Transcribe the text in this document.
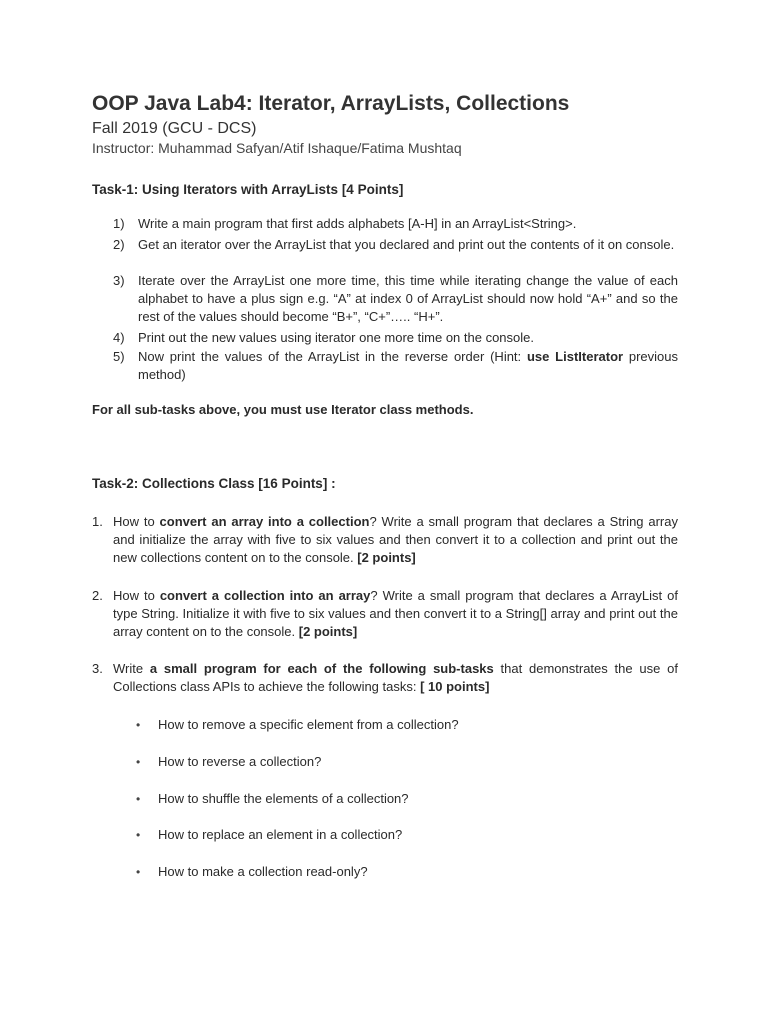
OOP Java Lab4: Iterator, ArrayLists, Collections
Fall 2019 (GCU - DCS)
Instructor: Muhammad Safyan/Atif Ishaque/Fatima Mushtaq
Task-1: Using Iterators with ArrayLists [4 Points]
1) Write a main program that first adds alphabets [A-H] in an ArrayList<String>.
2) Get an iterator over the ArrayList that you declared and print out the contents of it on console.
3) Iterate over the ArrayList one more time, this time while iterating change the value of each alphabet to have a plus sign e.g. “A” at index 0 of ArrayList should now hold “A+” and so the rest of the values should become “B+”, “C+”….. “H+”.
4) Print out the new values using iterator one more time on the console.
5) Now print the values of the ArrayList in the reverse order (Hint: use ListIterator previous method)
For all sub-tasks above, you must use Iterator class methods.
Task-2: Collections Class [16 Points] :
1. How to convert an array into a collection? Write a small program that declares a String array and initialize the array with five to six values and then convert it to a collection and print out the new collections content on to the console. [2 points]
2. How to convert a collection into an array? Write a small program that declares a ArrayList of type String. Initialize it with five to six values and then convert it to a String[] array and print out the array content on to the console. [2 points]
3. Write a small program for each of the following sub-tasks that demonstrates the use of Collections class APIs to achieve the following tasks: [ 10 points]
• How to remove a specific element from a collection?
• How to reverse a collection?
• How to shuffle the elements of a collection?
• How to replace an element in a collection?
• How to make a collection read-only?
